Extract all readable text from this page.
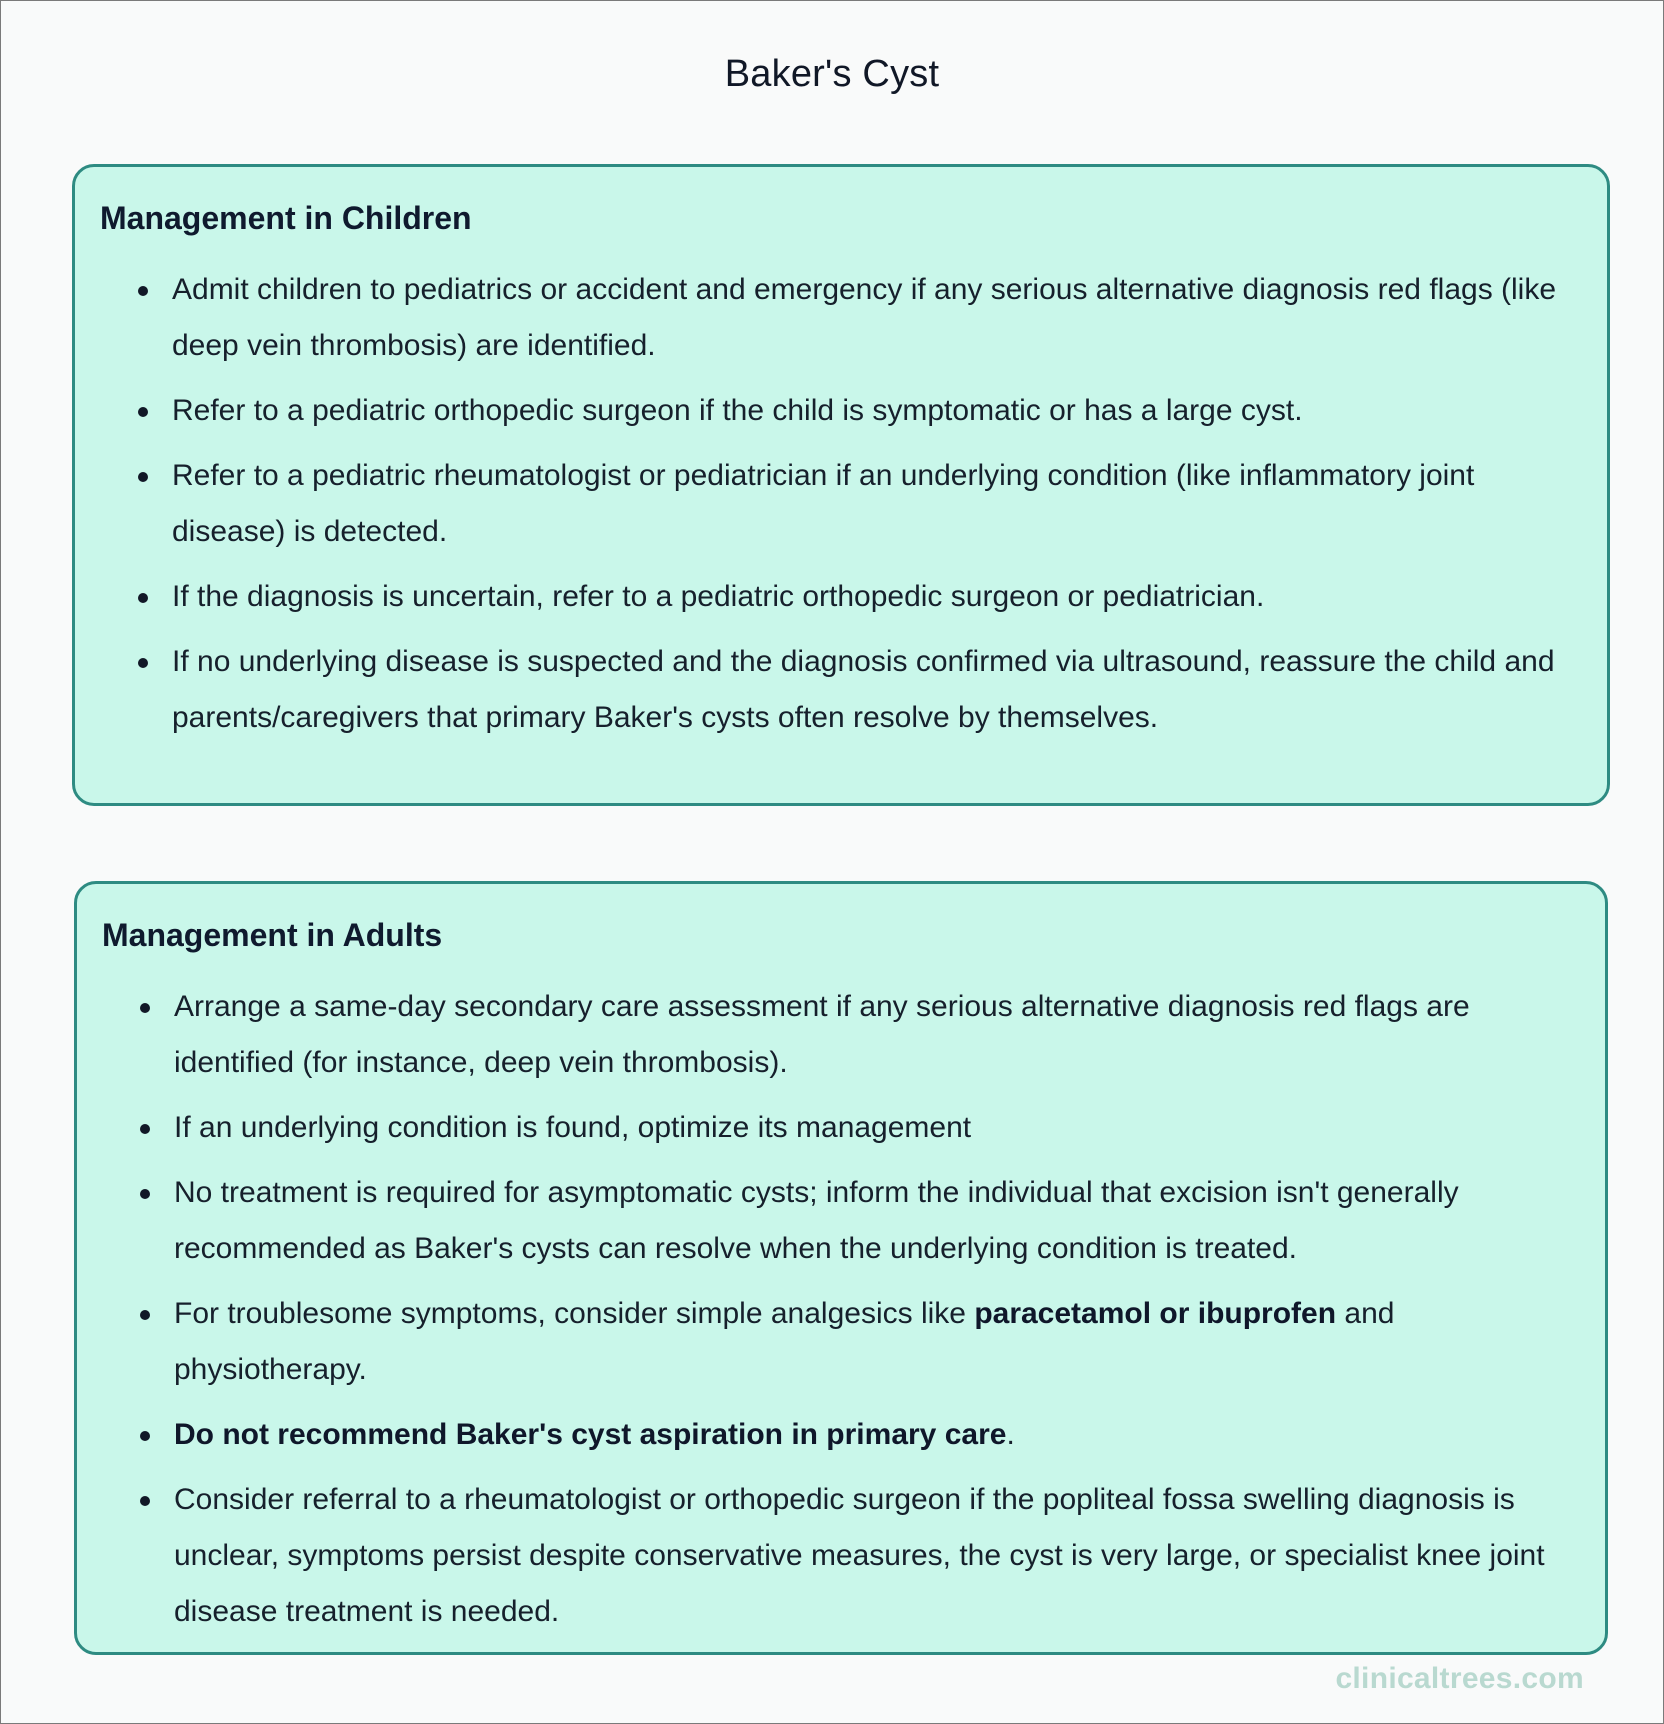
Baker's Cyst
Management in Children
Admit children to pediatrics or accident and emergency if any serious alternative diagnosis red flags (like deep vein thrombosis) are identified.
Refer to a pediatric orthopedic surgeon if the child is symptomatic or has a large cyst.
Refer to a pediatric rheumatologist or pediatrician if an underlying condition (like inflammatory joint disease) is detected.
If the diagnosis is uncertain, refer to a pediatric orthopedic surgeon or pediatrician.
If no underlying disease is suspected and the diagnosis confirmed via ultrasound, reassure the child and parents/caregivers that primary Baker's cysts often resolve by themselves.
Management in Adults
Arrange a same-day secondary care assessment if any serious alternative diagnosis red flags are identified (for instance, deep vein thrombosis).
If an underlying condition is found, optimize its management
No treatment is required for asymptomatic cysts; inform the individual that excision isn't generally recommended as Baker's cysts can resolve when the underlying condition is treated.
For troublesome symptoms, consider simple analgesics like paracetamol or ibuprofen and physiotherapy.
Do not recommend Baker's cyst aspiration in primary care.
Consider referral to a rheumatologist or orthopedic surgeon if the popliteal fossa swelling diagnosis is unclear, symptoms persist despite conservative measures, the cyst is very large, or specialist knee joint disease treatment is needed.
clinicaltrees.com
